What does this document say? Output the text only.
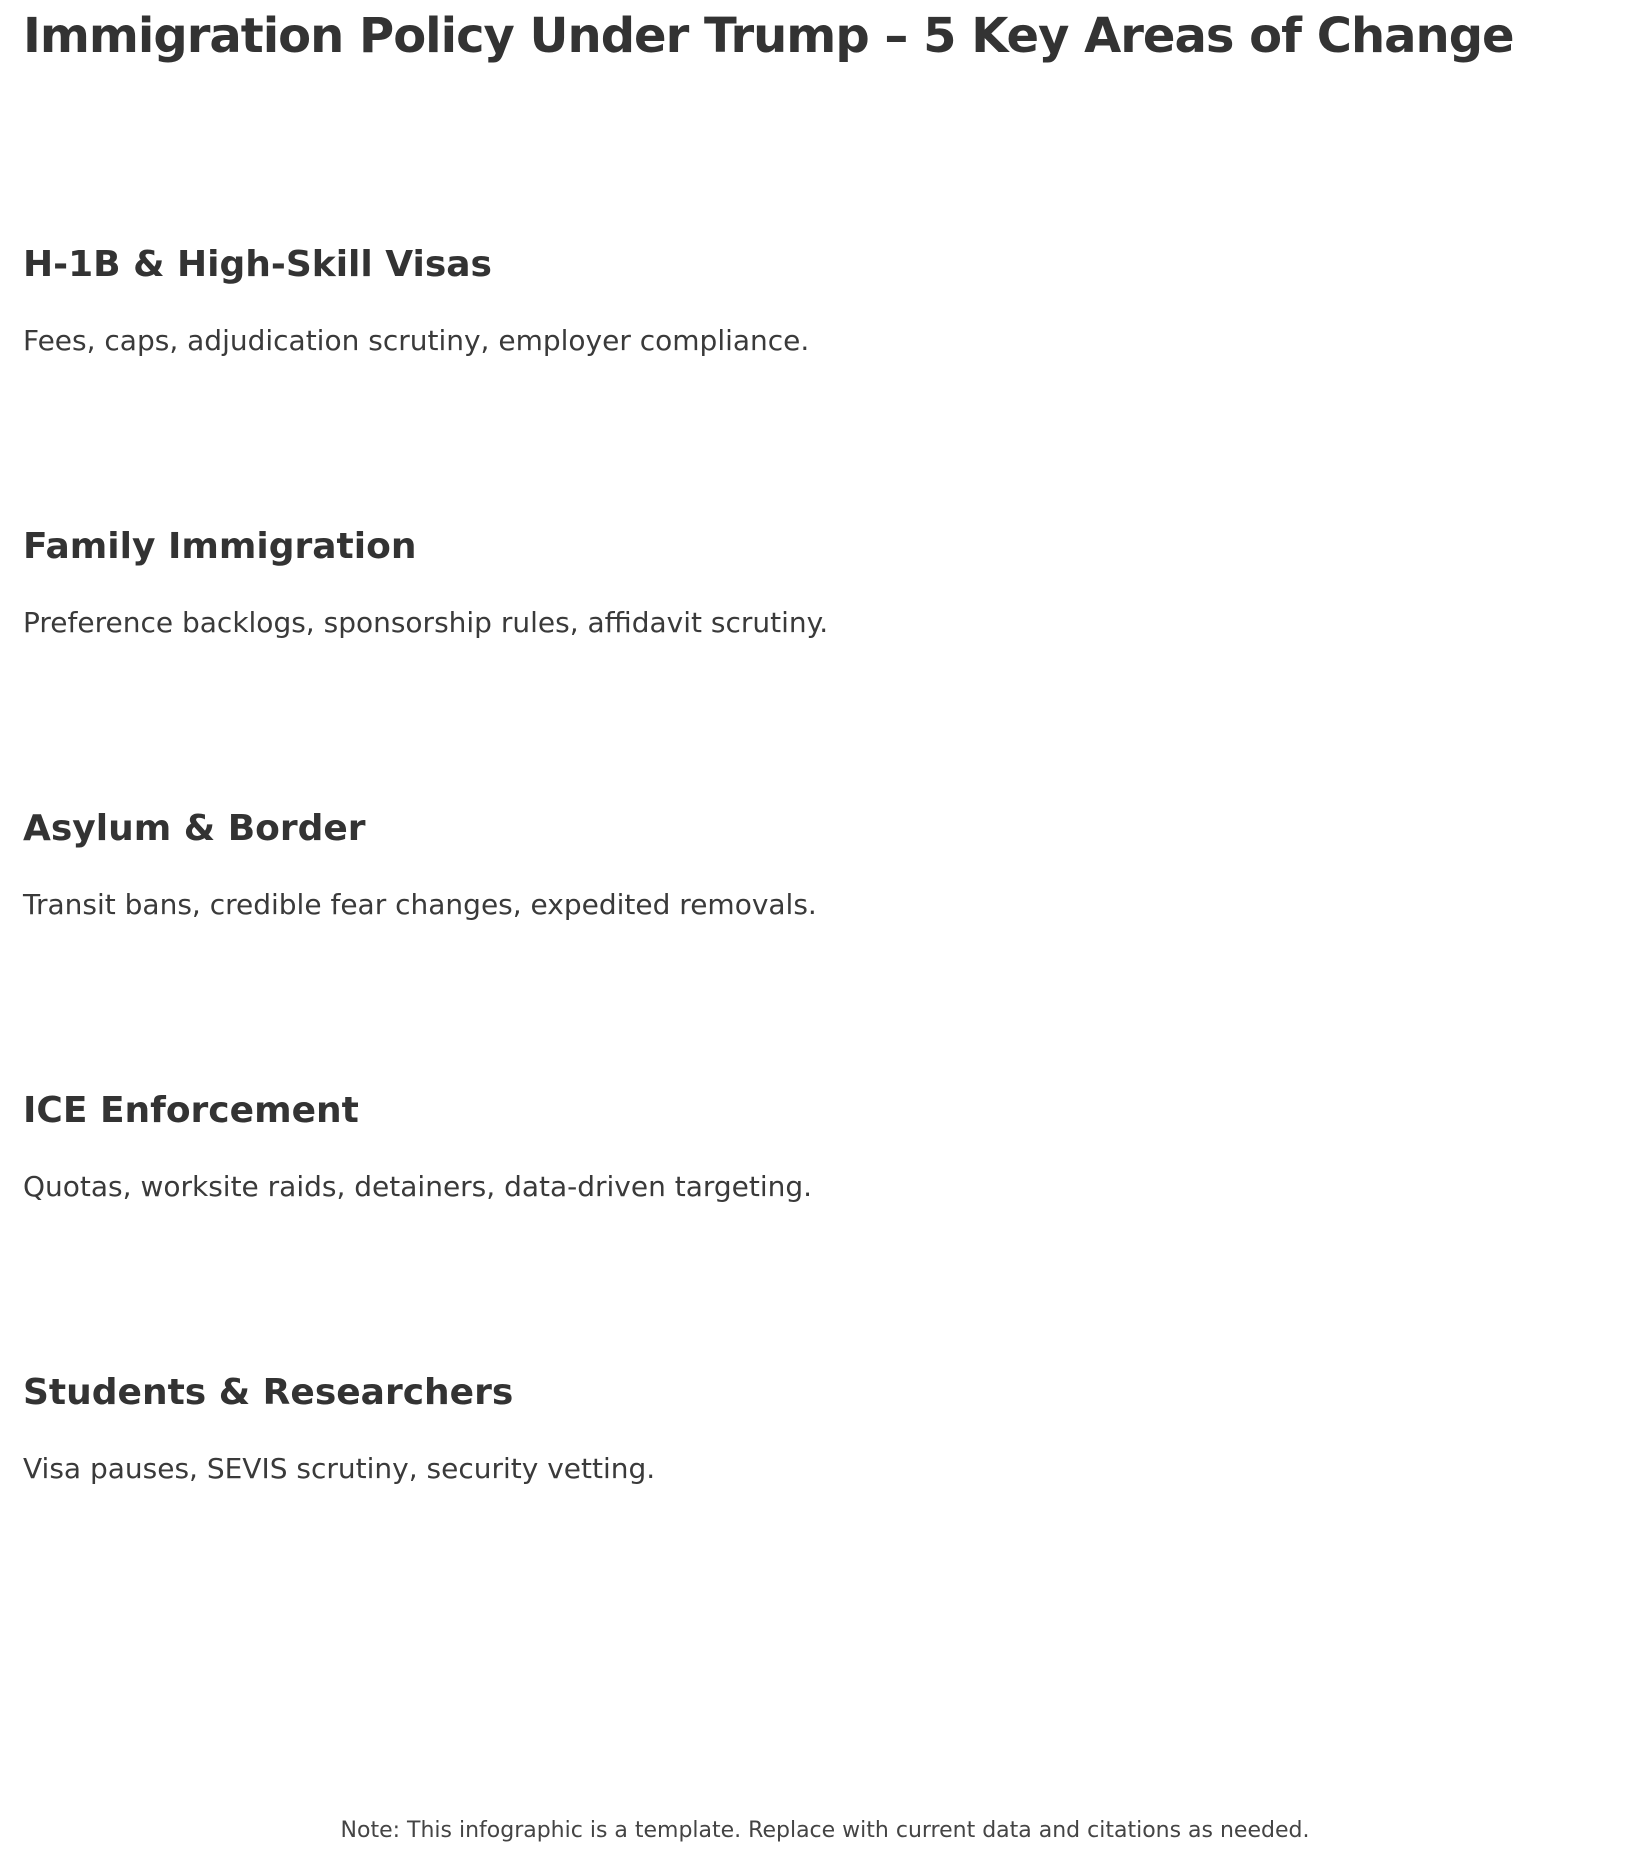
Immigration Policy Under Trump – 5 Key Areas of Change
H-1B & High-Skill Visas

Fees, caps, adjudication scrutiny, employer compliance.

Family Immigration

Preference backlogs, sponsorship rules, affidavit scrutiny.

Asylum & Border

Transit bans, credible fear changes, expedited removals.

ICE Enforcement

Quotas, worksite raids, detainers, data-driven targeting.

Students & Researchers

Visa pauses, SEVIS scrutiny, security vetting.

Note: This infographic is a template. Replace with current data and citations as needed.
